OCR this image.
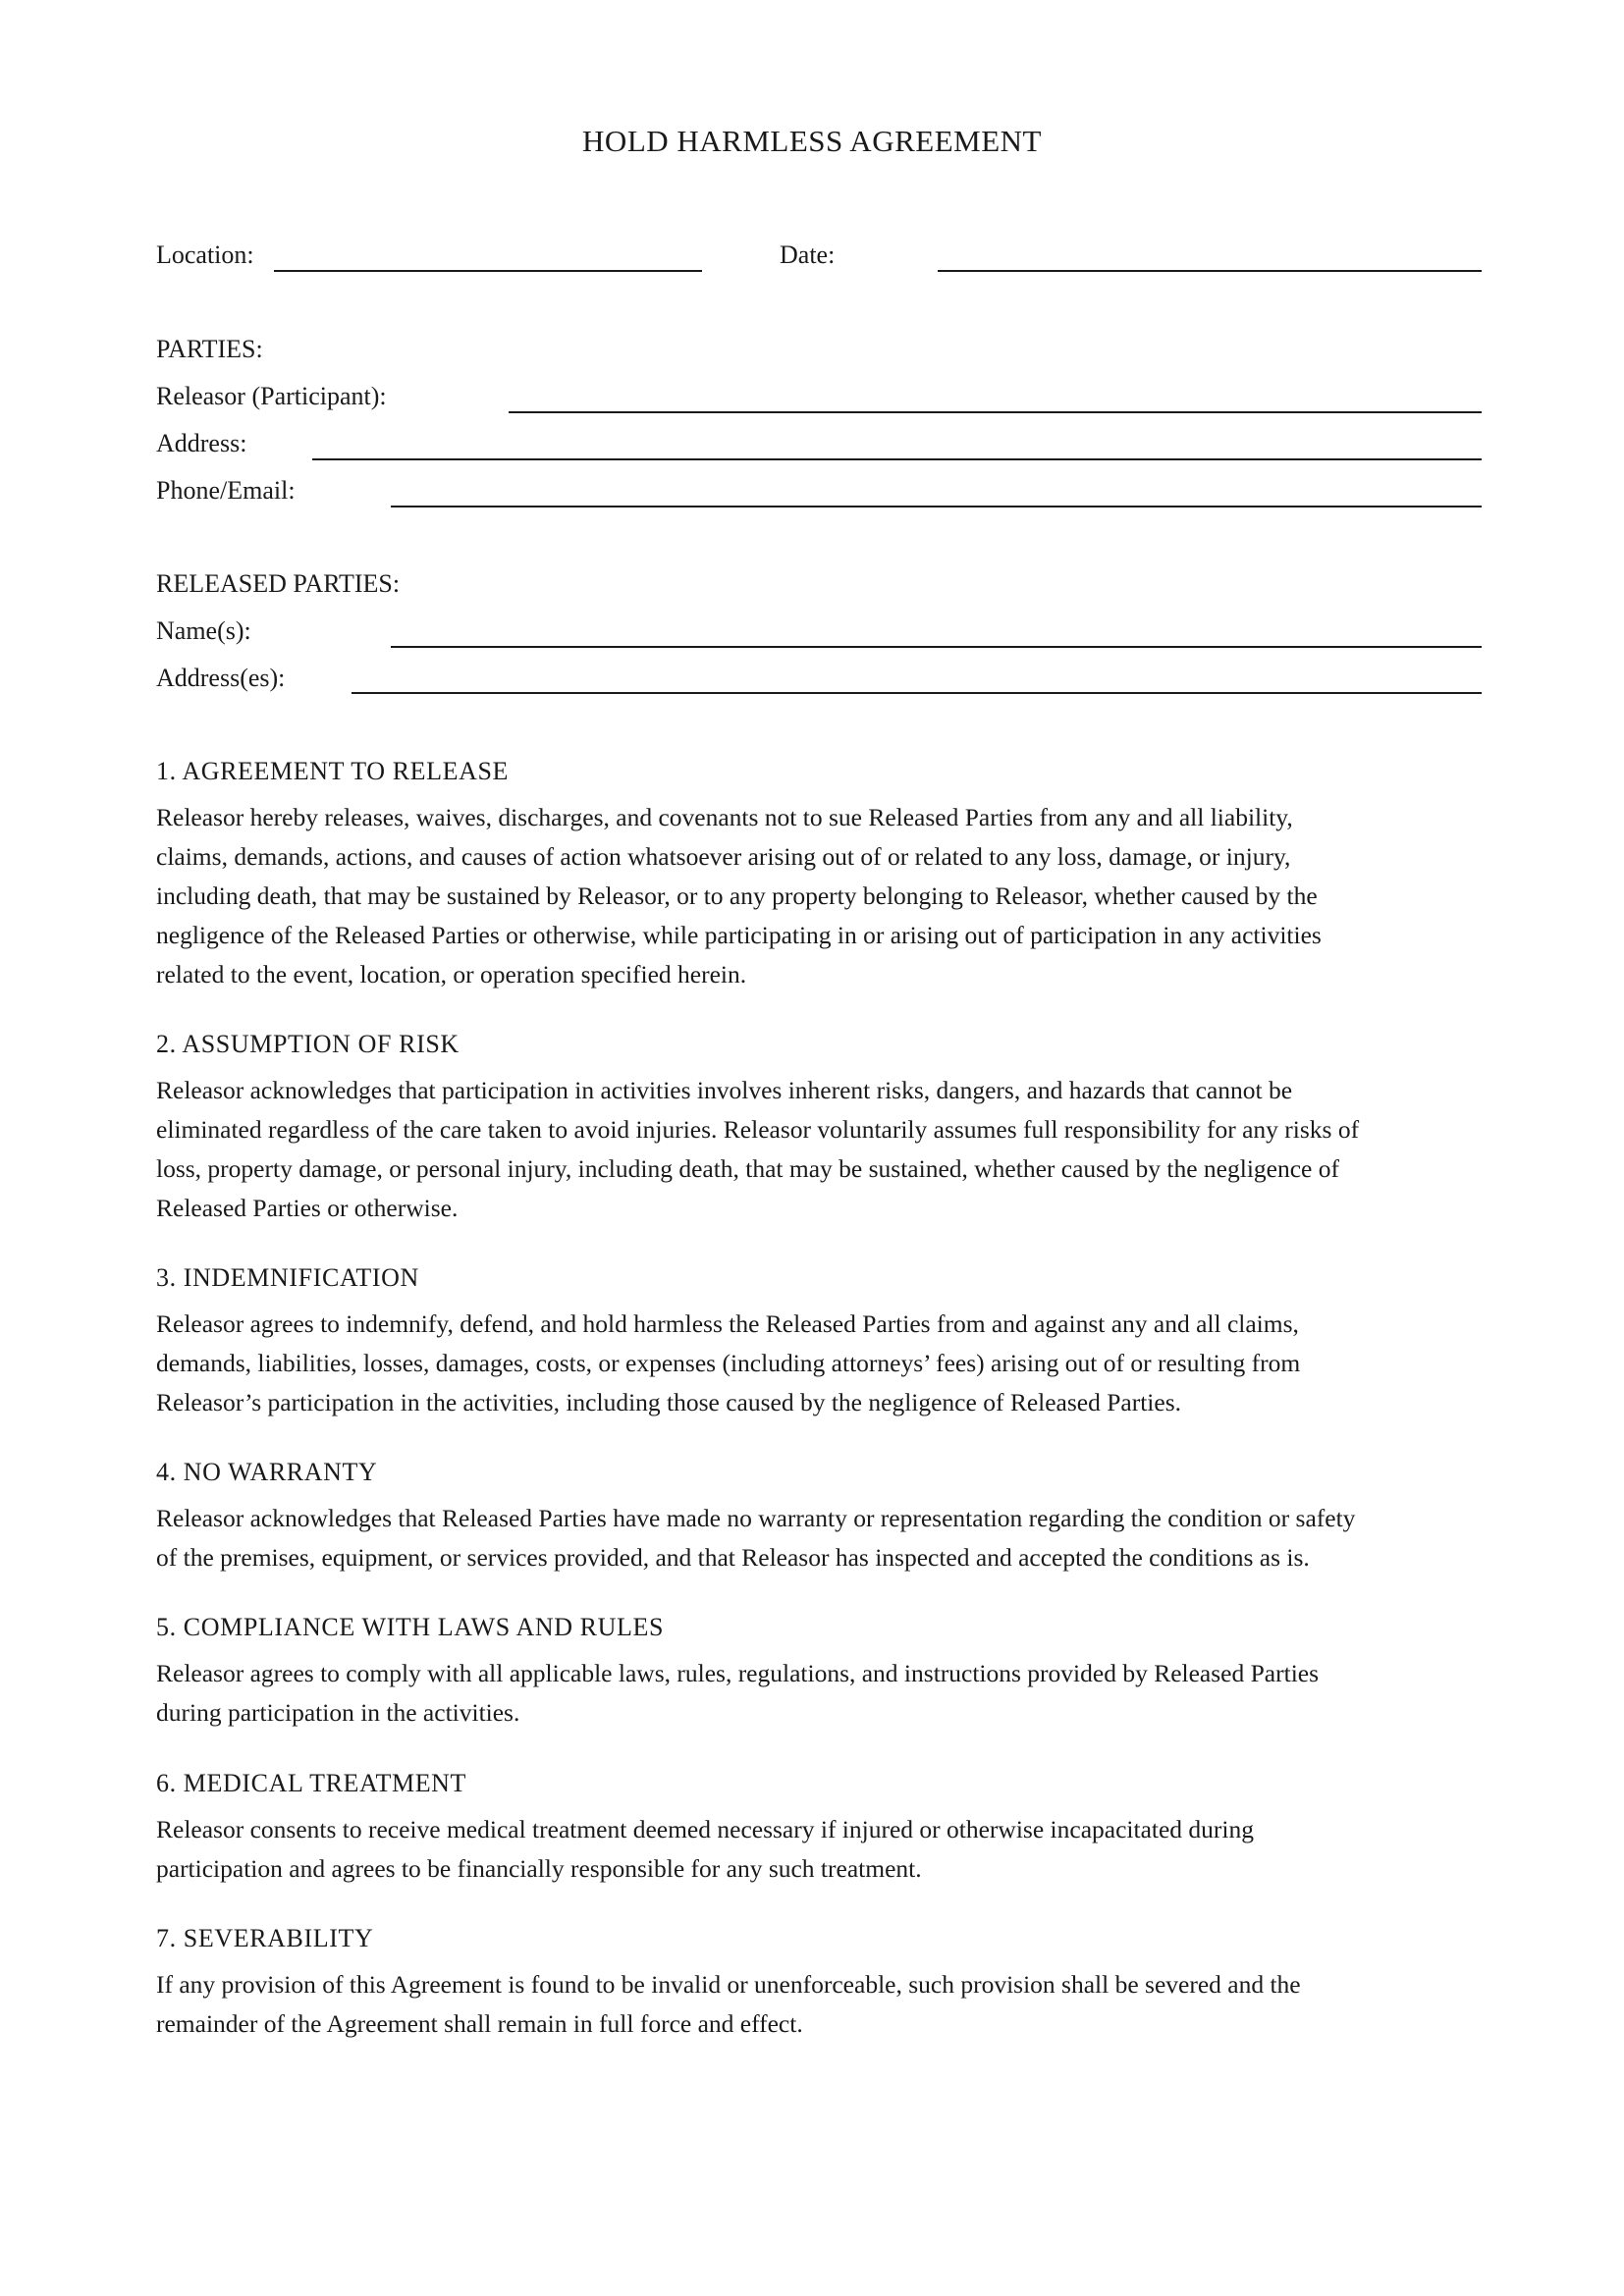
HOLD HARMLESS AGREEMENT
Location:	Date:
PARTIES:
Releasor (Participant):
Address:
Phone/Email:
RELEASED PARTIES:
Name(s):
Address(es):
1. AGREEMENT TO RELEASE
Releasor hereby releases, waives, discharges, and covenants not to sue Released Parties from any and all liability,
claims, demands, actions, and causes of action whatsoever arising out of or related to any loss, damage, or injury,
including death, that may be sustained by Releasor, or to any property belonging to Releasor, whether caused by the
negligence of the Released Parties or otherwise, while participating in or arising out of participation in any activities
related to the event, location, or operation specified herein.
2. ASSUMPTION OF RISK
Releasor acknowledges that participation in activities involves inherent risks, dangers, and hazards that cannot be
eliminated regardless of the care taken to avoid injuries. Releasor voluntarily assumes full responsibility for any risks of
loss, property damage, or personal injury, including death, that may be sustained, whether caused by the negligence of
Released Parties or otherwise.
3. INDEMNIFICATION
Releasor agrees to indemnify, defend, and hold harmless the Released Parties from and against any and all claims,
demands, liabilities, losses, damages, costs, or expenses (including attorneys’ fees) arising out of or resulting from
Releasor’s participation in the activities, including those caused by the negligence of Released Parties.
4. NO WARRANTY
Releasor acknowledges that Released Parties have made no warranty or representation regarding the condition or safety
of the premises, equipment, or services provided, and that Releasor has inspected and accepted the conditions as is.
5. COMPLIANCE WITH LAWS AND RULES
Releasor agrees to comply with all applicable laws, rules, regulations, and instructions provided by Released Parties
during participation in the activities.
6. MEDICAL TREATMENT
Releasor consents to receive medical treatment deemed necessary if injured or otherwise incapacitated during
participation and agrees to be financially responsible for any such treatment.
7. SEVERABILITY
If any provision of this Agreement is found to be invalid or unenforceable, such provision shall be severed and the
remainder of the Agreement shall remain in full force and effect.
